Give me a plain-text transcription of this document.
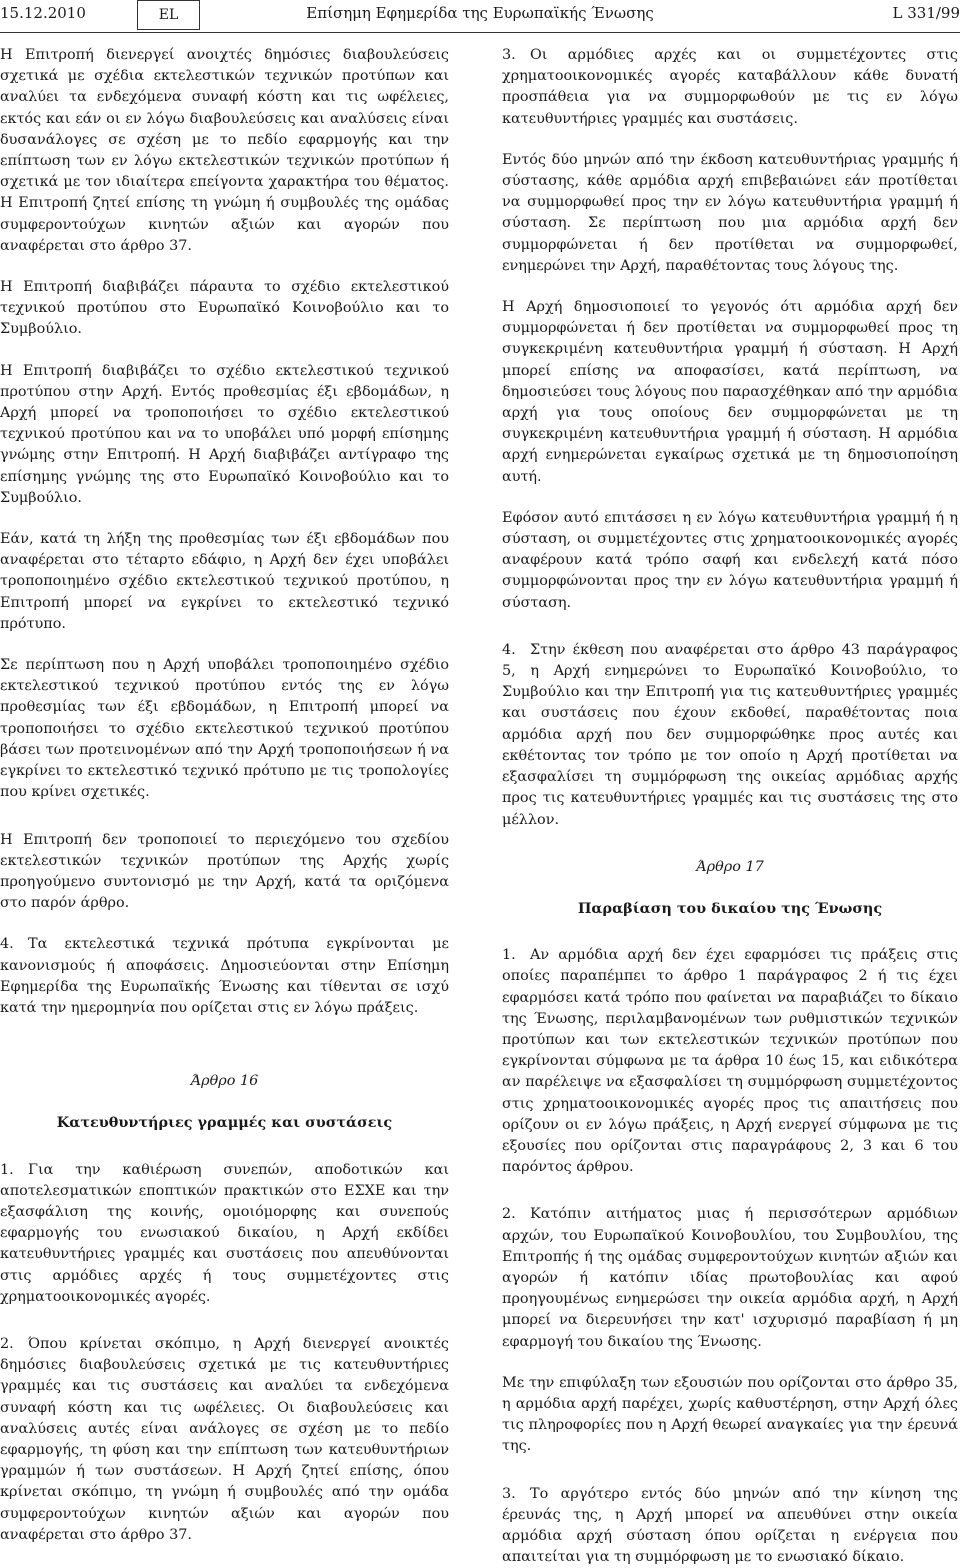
15.12.2010	EL	Επίσημη Εφημερίδα της Ευρωπαϊκής Ένωσης	L 331/99

Η Επιτροπή διενεργεί ανοιχτές δημόσιες διαβουλεύσεις σχετικά με σχέδια εκτελεστικών τεχνικών προτύπων και αναλύει τα ενδεχόμενα συναφή κόστη και τις ωφέλειες, εκτός και εάν οι εν λόγω διαβουλεύσεις και αναλύσεις είναι δυσανάλογες σε σχέση με το πεδίο εφαρμογής και την επίπτωση των εν λόγω εκτελεστικών τεχνικών προτύπων ή σχετικά με τον ιδιαίτερα επείγοντα χαρακτήρα του θέματος. Η Επιτροπή ζητεί επίσης τη γνώμη ή συμβουλές της ομάδας συμφεροντούχων κινητών αξιών και αγορών που αναφέρεται στο άρθρο 37.

Η Επιτροπή διαβιβάζει πάραυτα το σχέδιο εκτελεστικού τεχνικού προτύπου στο Ευρωπαϊκό Κοινοβούλιο και το Συμβούλιο.

Η Επιτροπή διαβιβάζει το σχέδιο εκτελεστικού τεχνικού προτύπου στην Αρχή. Εντός προθεσμίας έξι εβδομάδων, η Αρχή μπορεί να τροποποιήσει το σχέδιο εκτελεστικού τεχνικού προτύπου και να το υποβάλει υπό μορφή επίσημης γνώμης στην Επιτροπή. Η Αρχή διαβιβάζει αντίγραφο της επίσημης γνώμης της στο Ευρωπαϊκό Κοινοβούλιο και το Συμβούλιο.

Εάν, κατά τη λήξη της προθεσμίας των έξι εβδομάδων που αναφέρεται στο τέταρτο εδάφιο, η Αρχή δεν έχει υποβάλει τροποποιημένο σχέδιο εκτελεστικού τεχνικού προτύπου, η Επιτροπή μπορεί να εγκρίνει το εκτελεστικό τεχνικό πρότυπο.

Σε περίπτωση που η Αρχή υποβάλει τροποποιημένο σχέδιο εκτελεστικού τεχνικού προτύπου εντός της εν λόγω προθεσμίας των έξι εβδομάδων, η Επιτροπή μπορεί να τροποποιήσει το σχέδιο εκτελεστικού τεχνικού προτύπου βάσει των προτεινομένων από την Αρχή τροποποιήσεων ή να εγκρίνει το εκτελεστικό τεχνικό πρότυπο με τις τροπολογίες που κρίνει σχετικές.

Η Επιτροπή δεν τροποποιεί το περιεχόμενο του σχεδίου εκτελεστικών τεχνικών προτύπων της Αρχής χωρίς προηγούμενο συντονισμό με την Αρχή, κατά τα οριζόμενα στο παρόν άρθρο.

4. Τα εκτελεστικά τεχνικά πρότυπα εγκρίνονται με κανονισμούς ή αποφάσεις. Δημοσιεύονται στην Επίσημη Εφημερίδα της Ευρωπαϊκής Ένωσης και τίθενται σε ισχύ κατά την ημερομηνία που ορίζεται στις εν λόγω πράξεις.

Άρθρο 16

Κατευθυντήριες γραμμές και συστάσεις

1. Για την καθιέρωση συνεπών, αποδοτικών και αποτελεσματικών εποπτικών πρακτικών στο ΕΣΧΕ και την εξασφάλιση της κοινής, ομοιόμορφης και συνεπούς εφαρμογής του ενωσιακού δικαίου, η Αρχή εκδίδει κατευθυντήριες γραμμές και συστάσεις που απευθύνονται στις αρμόδιες αρχές ή τους συμμετέχοντες στις χρηματοοικονομικές αγορές.

2. Όπου κρίνεται σκόπιμο, η Αρχή διενεργεί ανοικτές δημόσιες διαβουλεύσεις σχετικά με τις κατευθυντήριες γραμμές και τις συστάσεις και αναλύει τα ενδεχόμενα συναφή κόστη και τις ωφέλειες. Οι διαβουλεύσεις και αναλύσεις αυτές είναι ανάλογες σε σχέση με το πεδίο εφαρμογής, τη φύση και την επίπτωση των κατευθυντήριων γραμμών ή των συστάσεων. Η Αρχή ζητεί επίσης, όπου κρίνεται σκόπιμο, τη γνώμη ή συμβουλές από την ομάδα συμφεροντούχων κινητών αξιών και αγορών που αναφέρεται στο άρθρο 37.

3. Οι αρμόδιες αρχές και οι συμμετέχοντες στις χρηματοοικονομικές αγορές καταβάλλουν κάθε δυνατή προσπάθεια για να συμμορφωθούν με τις εν λόγω κατευθυντήριες γραμμές και συστάσεις.

Εντός δύο μηνών από την έκδοση κατευθυντήριας γραμμής ή σύστασης, κάθε αρμόδια αρχή επιβεβαιώνει εάν προτίθεται να συμμορφωθεί προς την εν λόγω κατευθυντήρια γραμμή ή σύσταση. Σε περίπτωση που μια αρμόδια αρχή δεν συμμορφώνεται ή δεν προτίθεται να συμμορφωθεί, ενημερώνει την Αρχή, παραθέτοντας τους λόγους της.

Η Αρχή δημοσιοποιεί το γεγονός ότι αρμόδια αρχή δεν συμμορφώνεται ή δεν προτίθεται να συμμορφωθεί προς τη συγκεκριμένη κατευθυντήρια γραμμή ή σύσταση. Η Αρχή μπορεί επίσης να αποφασίσει, κατά περίπτωση, να δημοσιεύσει τους λόγους που παρασχέθηκαν από την αρμόδια αρχή για τους οποίους δεν συμμορφώνεται με τη συγκεκριμένη κατευθυντήρια γραμμή ή σύσταση. Η αρμόδια αρχή ενημερώνεται εγκαίρως σχετικά με τη δημοσιοποίηση αυτή.

Εφόσον αυτό επιτάσσει η εν λόγω κατευθυντήρια γραμμή ή η σύσταση, οι συμμετέχοντες στις χρηματοοικονομικές αγορές αναφέρουν κατά τρόπο σαφή και ενδελεχή κατά πόσο συμμορφώνονται προς την εν λόγω κατευθυντήρια γραμμή ή σύσταση.

4. Στην έκθεση που αναφέρεται στο άρθρο 43 παράγραφος 5, η Αρχή ενημερώνει το Ευρωπαϊκό Κοινοβούλιο, το Συμβούλιο και την Επιτροπή για τις κατευθυντήριες γραμμές και συστάσεις που έχουν εκδοθεί, παραθέτοντας ποια αρμόδια αρχή που δεν συμμορφώθηκε προς αυτές και εκθέτοντας τον τρόπο με τον οποίο η Αρχή προτίθεται να εξασφαλίσει τη συμμόρφωση της οικείας αρμόδιας αρχής προς τις κατευθυντήριες γραμμές και τις συστάσεις της στο μέλλον.

Άρθρο 17

Παραβίαση του δικαίου της Ένωσης

1. Αν αρμόδια αρχή δεν έχει εφαρμόσει τις πράξεις στις οποίες παραπέμπει το άρθρο 1 παράγραφος 2 ή τις έχει εφαρμόσει κατά τρόπο που φαίνεται να παραβιάζει το δίκαιο της Ένωσης, περιλαμβανομένων των ρυθμιστικών τεχνικών προτύπων και των εκτελεστικών τεχνικών προτύπων που εγκρίνονται σύμφωνα με τα άρθρα 10 έως 15, και ειδικότερα αν παρέλειψε να εξασφαλίσει τη συμμόρφωση συμμετέχοντος στις χρηματοοικονομικές αγορές προς τις απαιτήσεις που ορίζουν οι εν λόγω πράξεις, η Αρχή ενεργεί σύμφωνα με τις εξουσίες που ορίζονται στις παραγράφους 2, 3 και 6 του παρόντος άρθρου.

2. Κατόπιν αιτήματος μιας ή περισσότερων αρμόδιων αρχών, του Ευρωπαϊκού Κοινοβουλίου, του Συμβουλίου, της Επιτροπής ή της ομάδας συμφεροντούχων κινητών αξιών και αγορών ή κατόπιν ιδίας πρωτοβουλίας και αφού προηγουμένως ενημερώσει την οικεία αρμόδια αρχή, η Αρχή μπορεί να διερευνήσει την κατ' ισχυρισμό παραβίαση ή μη εφαρμογή του δικαίου της Ένωσης.

Με την επιφύλαξη των εξουσιών που ορίζονται στο άρθρο 35, η αρμόδια αρχή παρέχει, χωρίς καθυστέρηση, στην Αρχή όλες τις πληροφορίες που η Αρχή θεωρεί αναγκαίες για την έρευνά της.

3. Το αργότερο εντός δύο μηνών από την κίνηση της έρευνάς της, η Αρχή μπορεί να απευθύνει στην οικεία αρμόδια αρχή σύσταση όπου ορίζεται η ενέργεια που απαιτείται για τη συμμόρφωση με το ενωσιακό δίκαιο.
